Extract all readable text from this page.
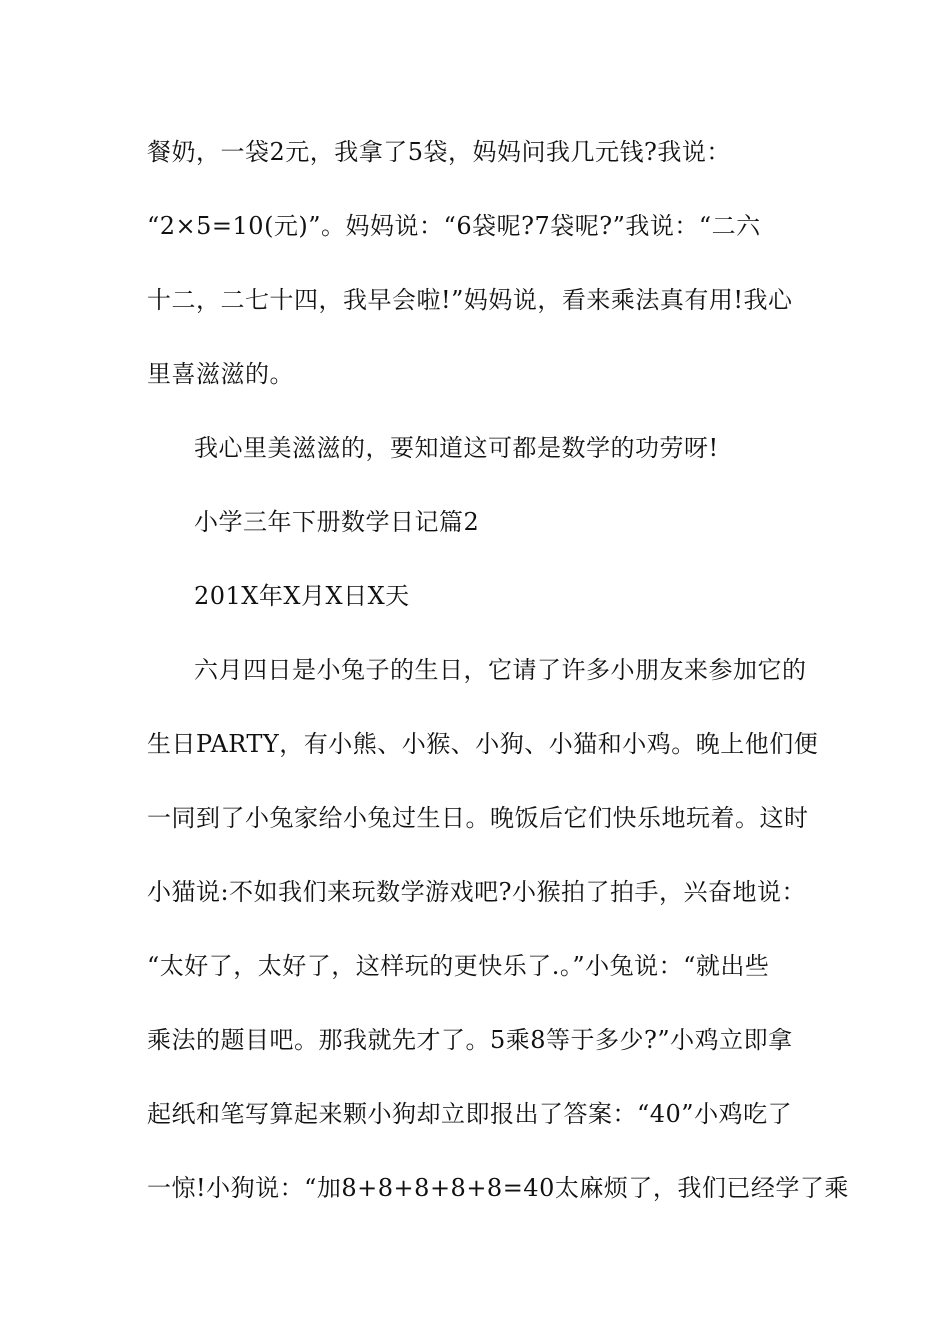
餐奶，一袋2元，我拿了5袋，妈妈问我几元钱?我说：
“2×5=10(元)”。妈妈说：“6袋呢?7袋呢?”我说：“二六
十二，二七十四，我早会啦!”妈妈说，看来乘法真有用!我心
里喜滋滋的。
我心里美滋滋的，要知道这可都是数学的功劳呀!
小学三年下册数学日记篇2
201X年X月X日X天
六月四日是小兔子的生日，它请了许多小朋友来参加它的
生日PARTY，有小熊、小猴、小狗、小猫和小鸡。晚上他们便
一同到了小兔家给小兔过生日。晚饭后它们快乐地玩着。这时
小猫说:不如我们来玩数学游戏吧?小猴拍了拍手，兴奋地说：
“太好了，太好了，这样玩的更快乐了.。”小兔说：“就出些
乘法的题目吧。那我就先才了。5乘8等于多少?”小鸡立即拿
起纸和笔写算起来颗小狗却立即报出了答案：“40”小鸡吃了
一惊!小狗说：“加8+8+8+8+8=40太麻烦了，我们已经学了乘
